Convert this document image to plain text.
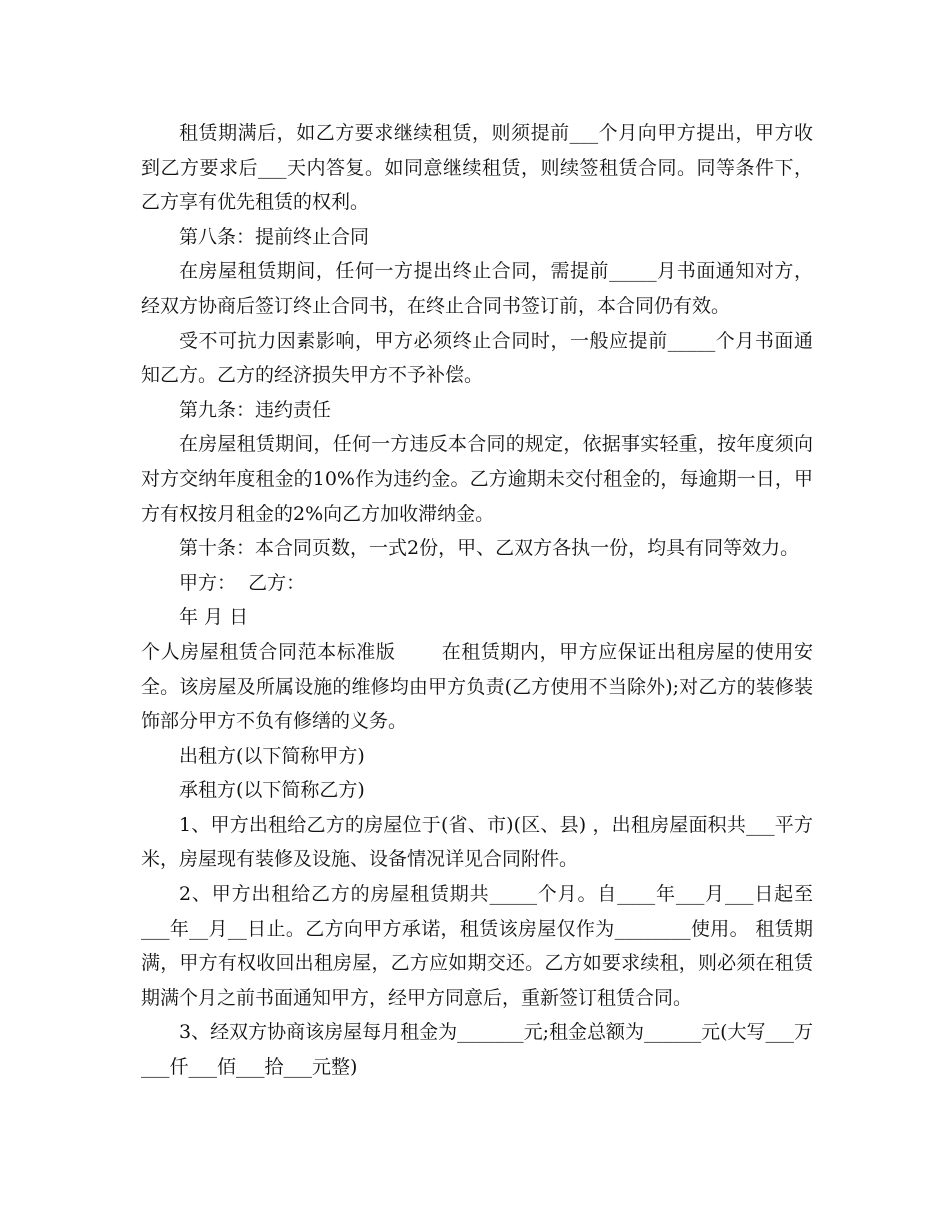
租赁期满后，如乙方要求继续租赁，则须提前___个月向甲方提出，甲方收到乙方要求后___天内答复。如同意继续租赁，则续签租赁合同。同等条件下，乙方享有优先租赁的权利。

第八条：提前终止合同

在房屋租赁期间，任何一方提出终止合同，需提前_____月书面通知对方，经双方协商后签订终止合同书，在终止合同书签订前，本合同仍有效。

受不可抗力因素影响，甲方必须终止合同时，一般应提前_____个月书面通知乙方。乙方的经济损失甲方不予补偿。

第九条：违约责任

在房屋租赁期间，任何一方违反本合同的规定，依据事实轻重，按年度须向对方交纳年度租金的10%作为违约金。乙方逾期未交付租金的，每逾期一日，甲方有权按月租金的2%向乙方加收滞纳金。

第十条：本合同页数，一式2份，甲、乙双方各执一份，均具有同等效力。

甲方：  乙方：

年 月 日

个人房屋租赁合同范本标准版       在租赁期内，甲方应保证出租房屋的使用安全。该房屋及所属设施的维修均由甲方负责(乙方使用不当除外);对乙方的装修装饰部分甲方不负有修缮的义务。

出租方(以下简称甲方)

承租方(以下简称乙方)

1、甲方出租给乙方的房屋位于(省、市)(区、县) ，出租房屋面积共___平方米，房屋现有装修及设施、设备情况详见合同附件。

2、甲方出租给乙方的房屋租赁期共_____个月。自____年___月___日起至___年__月__日止。乙方向甲方承诺，租赁该房屋仅作为________使用。 租赁期满，甲方有权收回出租房屋，乙方应如期交还。乙方如要求续租，则必须在租赁期满个月之前书面通知甲方，经甲方同意后，重新签订租赁合同。

3、经双方协商该房屋每月租金为_______元;租金总额为______元(大写___万___仟___佰___拾___元整)
